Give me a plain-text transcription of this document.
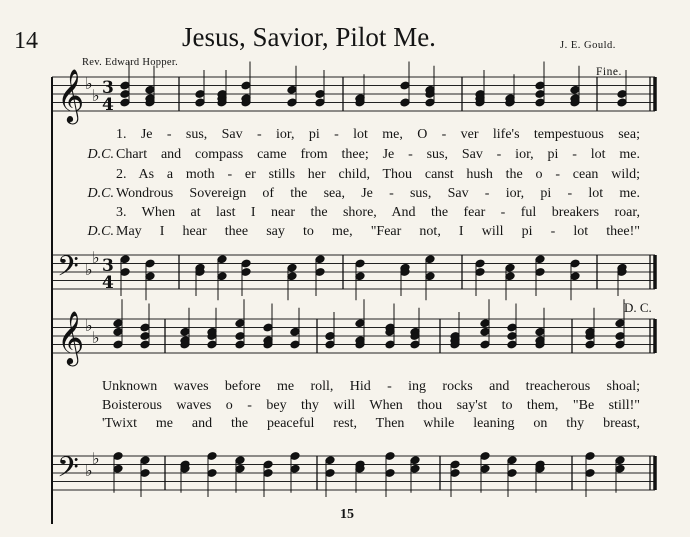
14	Jesus, Savior, Pilot Me.	J. E. Gould.
Rev. Edward Hopper.
Fine.
D. C.
𝄞 ♭
♭ 3
4
𝄢 ♭
♭ 3
4
𝄞 ♭
♭
𝄢 ♭
♭
1. Je - sus, Sav - ior, pi - lot me, O - ver life's tempestuous sea;
D.C. Chart and compass came from thee; Je - sus, Sav - ior, pi - lot me.
2. As a moth - er stills her child, Thou canst hush the o - cean wild;
D.C. Wondrous Sovereign of the sea, Je - sus, Sav - ior, pi - lot me.
3. When at last I near the shore, And the fear - ful breakers roar,
D.C. May I hear thee say to me, "Fear not, I will pi - lot thee!"
Unknown waves before me roll, Hid - ing rocks and treacherous shoal;
Boisterous waves o - bey thy will When thou say'st to them, "Be still!"
'Twixt me and the peaceful rest, Then while leaning on thy breast,
15
